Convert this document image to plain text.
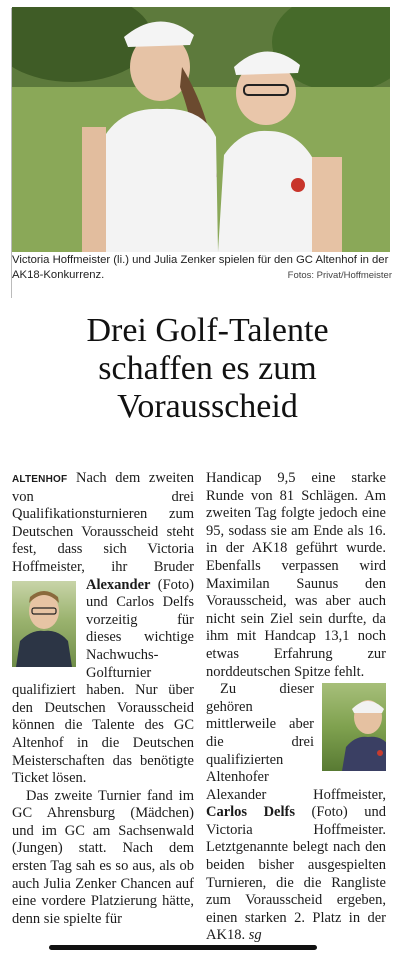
Victoria Hoffmeister (li.) und Julia Zenker spielen für den GC Altenhof in der AK18-Konkurrenz.	Fotos: Privat/Hoffmeister
Drei Golf-Talente
schaffen es zum
Vorausscheid

ALTENHOF Nach dem zweiten von drei Qualifikationsturnieren zum Deutschen Vorausscheid steht fest, dass sich Victoria Hoffmeister, ihr Bruder Alexander (Foto) und Carlos Delfs vorzeitig für dieses wichtige Nachwuchs-Golfturnier qualifiziert haben. Nur über den Deutschen Vorausscheid können die Talente des GC Altenhof in die Deutschen Meisterschaften das benötigte Ticket lösen.

Das zweite Turnier fand im GC Ahrensburg (Mädchen) und im GC am Sachsenwald (Jungen) statt. Nach dem ersten Tag sah es so aus, als ob auch Julia Zenker Chancen auf eine vordere Platzierung hätte, denn sie spielte für

Handicap 9,5 eine starke Runde von 81 Schlägen. Am zweiten Tag folgte jedoch eine 95, sodass sie am Ende als 16. in der AK18 geführt wurde. Ebenfalls verpassen wird Maximilan Saunus den Vorausscheid, was aber auch nicht sein Ziel sein durfte, da ihm mit Handcap 13,1 noch etwas Erfahrung zur norddeutschen Spitze fehlt.

Zu dieser gehören mittlerweile aber die drei qualifizierten Altenhofer Alexander Hoffmeister, Carlos Delfs (Foto) und Victoria Hoffmeister. Letztgenannte belegt nach den beiden bisher ausgespielten Turnieren, die die Rangliste zum Vorausscheid ergeben, einen starken 2. Platz in der AK18. sg
